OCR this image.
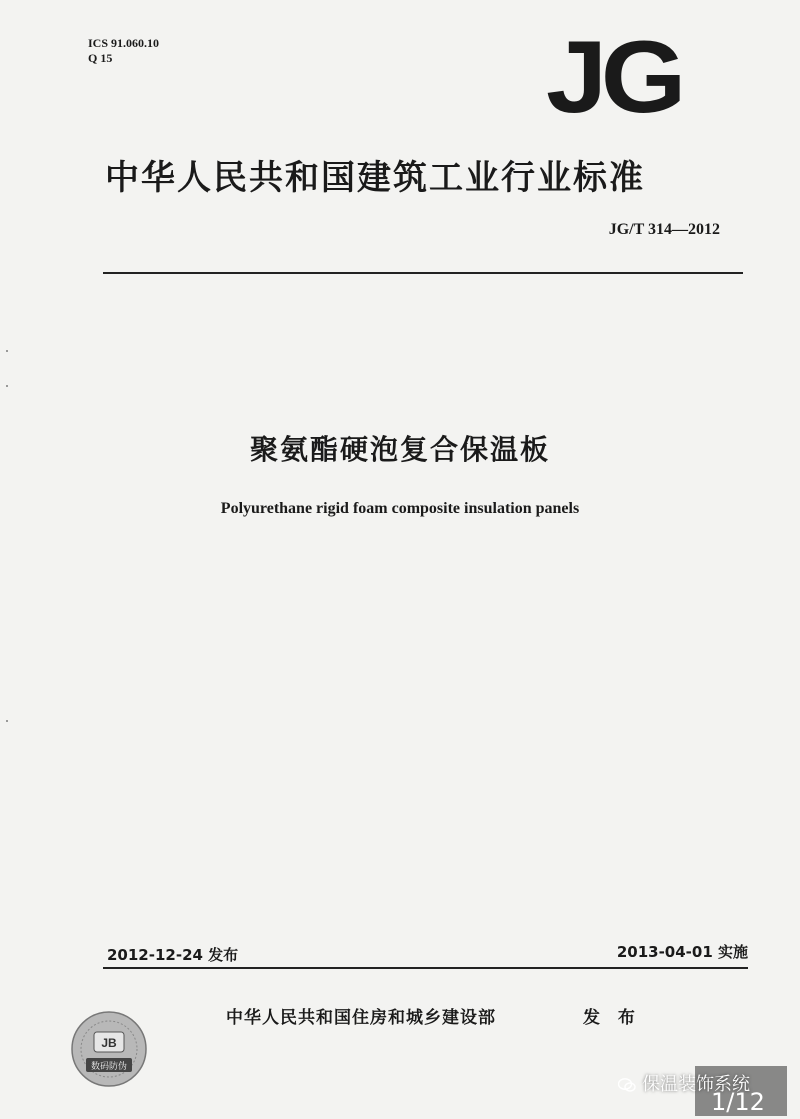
ICS 91.060.10
Q 15	JG
中华人民共和国建筑工业行业标准
JG/T 314—2012
聚氨酯硬泡复合保温板
Polyurethane rigid foam composite insulation panels
2012-12-24 发布	2013-04-01 实施
JB
数码防伪
中华人民共和国住房和城乡建设部	发 布
1/12
保温装饰系统
